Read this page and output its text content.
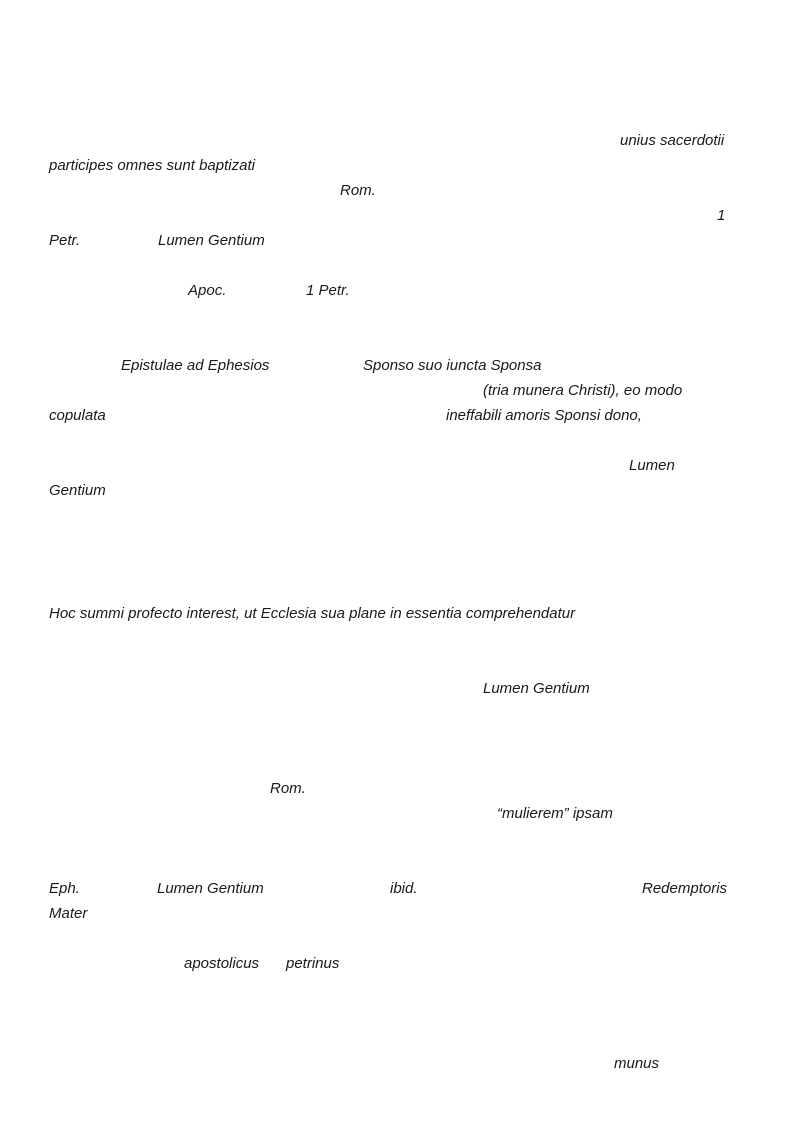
unius sacerdotii
participes omnes sunt baptizati
Rom.
1
Petr.	Lumen Gentium
Apoc.	1 Petr.
Epistulae ad Ephesios	Sponso suo iuncta Sponsa
(tria munera Christi), eo modo
copulata	ineffabili amoris Sponsi dono,
Lumen
Gentium
Hoc summi profecto interest, ut Ecclesia sua plane in essentia comprehendatur
Lumen Gentium
Rom.
“mulierem” ipsam
Eph.	Lumen Gentium	ibid.	Redemptoris
Mater
apostolicus petrinus
munus
